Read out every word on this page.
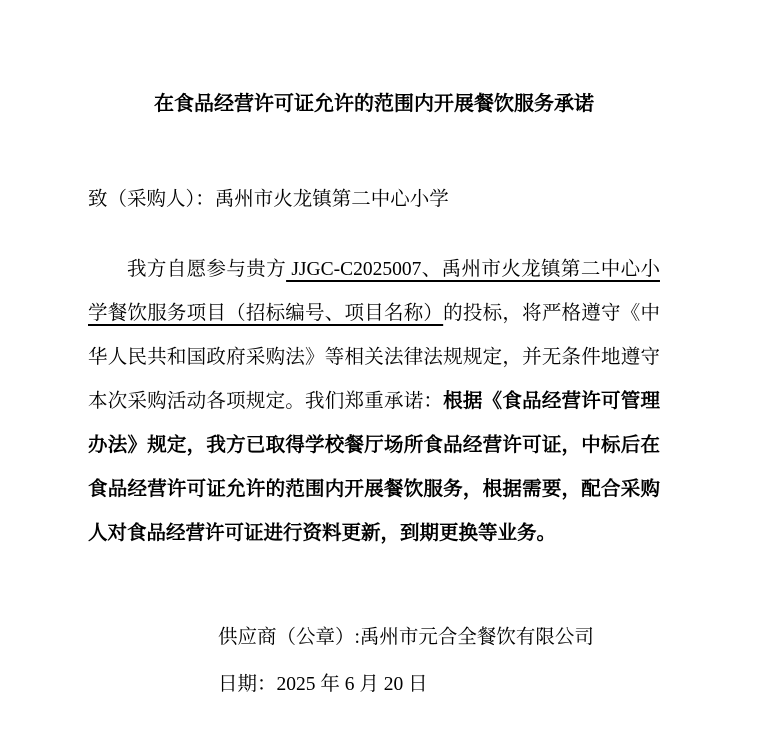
在食品经营许可证允许的范围内开展餐饮服务承诺

致（采购人）：禹州市火龙镇第二中心小学

我方自愿参与贵方 JJGC-C2025007、禹州市火龙镇第二中心小学餐饮服务项目（招标编号、项目名称）的投标，将严格遵守《中华人民共和国政府采购法》等相关法律法规规定，并无条件地遵守本次采购活动各项规定。我们郑重承诺：根据《食品经营许可管理办法》规定，我方已取得学校餐厅场所食品经营许可证，中标后在食品经营许可证允许的范围内开展餐饮服务，根据需要，配合采购人对食品经营许可证进行资料更新，到期更换等业务。

供应商（公章）:禹州市元合全餐饮有限公司

日期：2025 年 6 月 20 日
